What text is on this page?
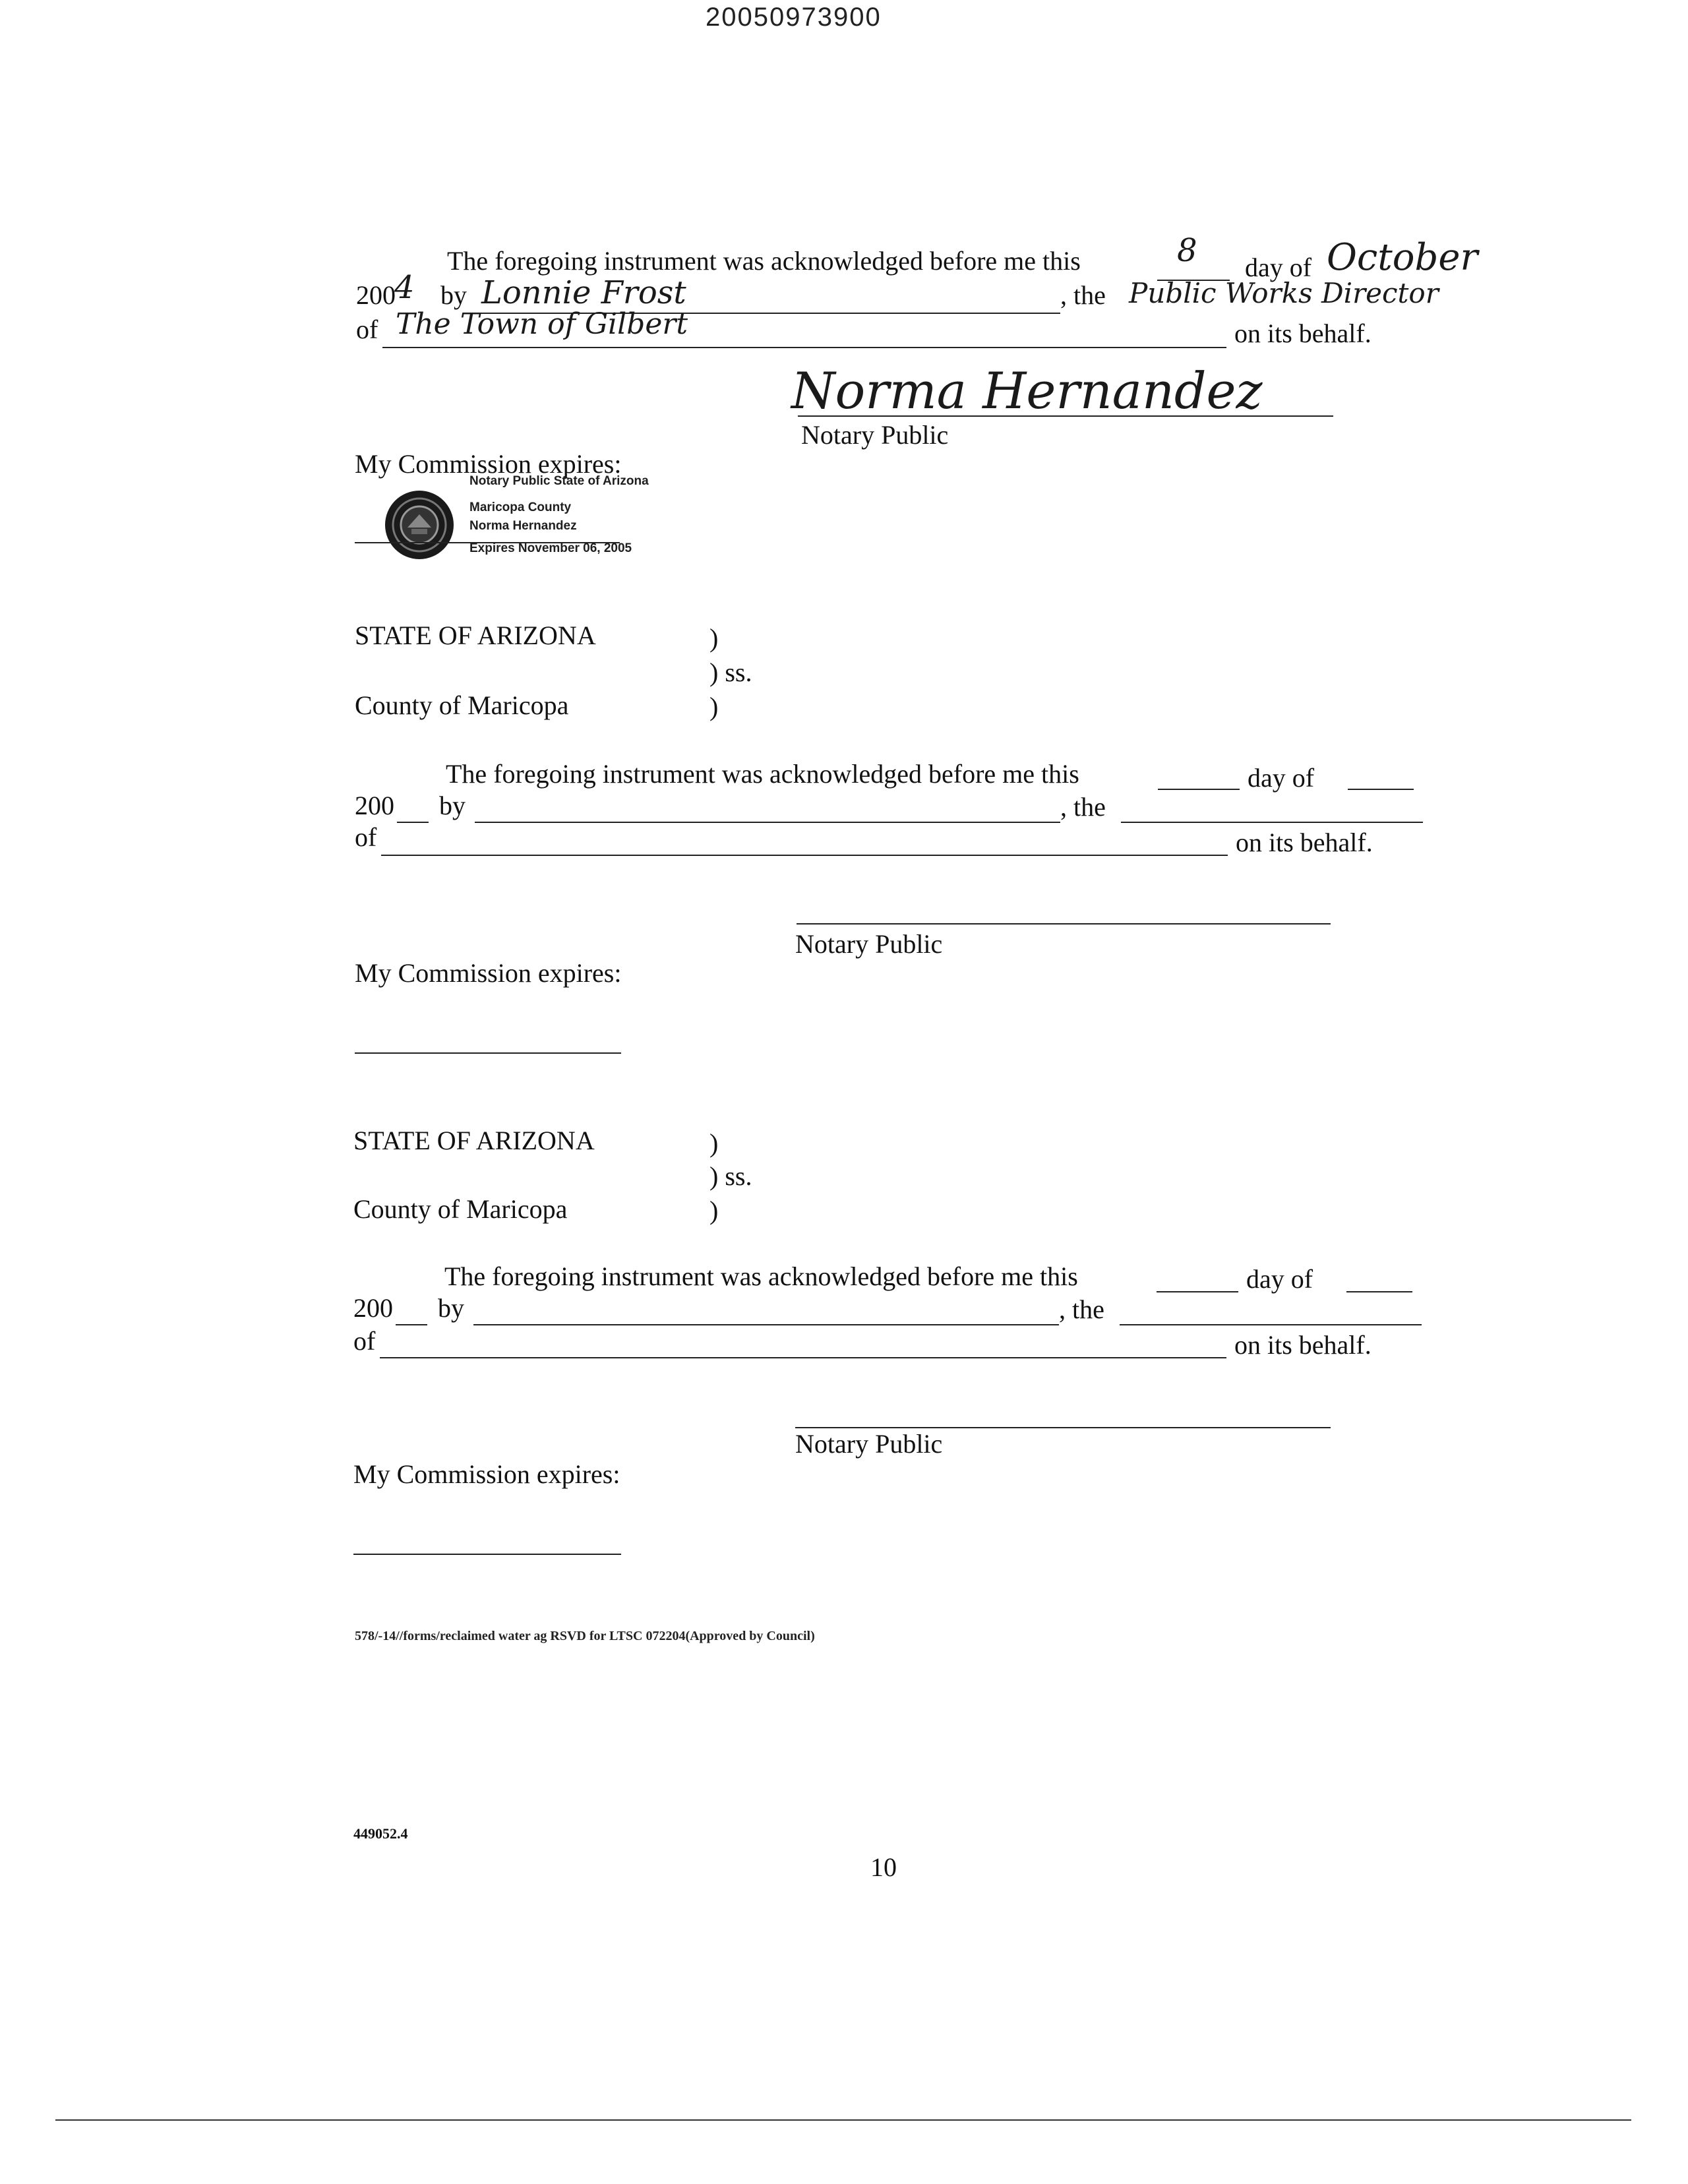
20050973900
The foregoing instrument was acknowledged before me this	8 day of October
200
4 by Lonnie Frost	, the Public Works Director
of The Town of Gilbert	on its behalf.
Norma Hernandez
Notary Public
My Commission expires:
Notary Public State of Arizona
Maricopa County
Norma Hernandez
Expires November 06, 2005
STATE OF ARIZONA	)
) ss.
County of Maricopa	)
The foregoing instrument was acknowledged before me this	day of
200 by	, the
of	on its behalf.
Notary Public
My Commission expires:
STATE OF ARIZONA	)
) ss.
County of Maricopa	)
The foregoing instrument was acknowledged before me this	day of
200 by	, the
of	on its behalf.
Notary Public
My Commission expires:
578/-14//forms/reclaimed water ag RSVD for LTSC 072204(Approved by Council)
449052.4
10
